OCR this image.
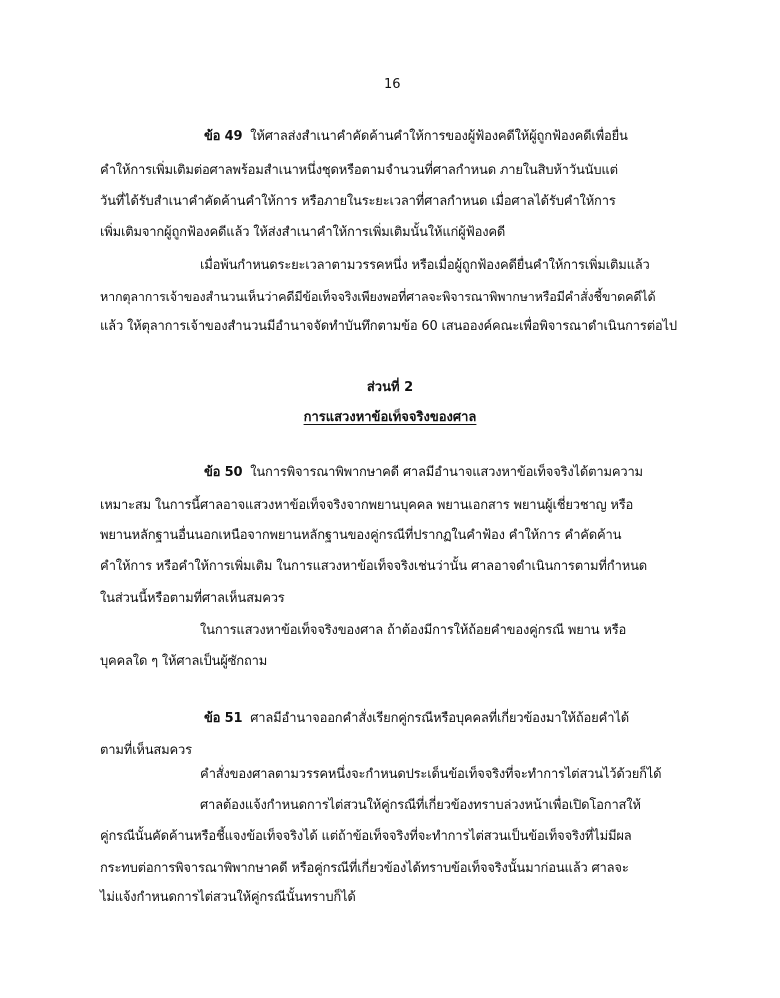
16
ข้อ 49 ให้ศาลส่งสำเนาคำคัดค้านคำให้การของผู้ฟ้องคดีให้ผู้ถูกฟ้องคดีเพื่อยื่น
คำให้การเพิ่มเติมต่อศาลพร้อมสำเนาหนึ่งชุดหรือตามจำนวนที่ศาลกำหนด ภายในสิบห้าวันนับแต่
วันที่ได้รับสำเนาคำคัดค้านคำให้การ หรือภายในระยะเวลาที่ศาลกำหนด เมื่อศาลได้รับคำให้การ
เพิ่มเติมจากผู้ถูกฟ้องคดีแล้ว ให้ส่งสำเนาคำให้การเพิ่มเติมนั้นให้แก่ผู้ฟ้องคดี
เมื่อพ้นกำหนดระยะเวลาตามวรรคหนึ่ง หรือเมื่อผู้ถูกฟ้องคดียื่นคำให้การเพิ่มเติมแล้ว
หากตุลาการเจ้าของสำนวนเห็นว่าคดีมีข้อเท็จจริงเพียงพอที่ศาลจะพิจารณาพิพากษาหรือมีคำสั่งชี้ขาดคดีได้
แล้ว ให้ตุลาการเจ้าของสำนวนมีอำนาจจัดทำบันทึกตามข้อ 60 เสนอองค์คณะเพื่อพิจารณาดำเนินการต่อไป
ส่วนที่ 2
การแสวงหาข้อเท็จจริงของศาล
ข้อ 50 ในการพิจารณาพิพากษาคดี ศาลมีอำนาจแสวงหาข้อเท็จจริงได้ตามความ
เหมาะสม ในการนี้ศาลอาจแสวงหาข้อเท็จจริงจากพยานบุคคล พยานเอกสาร พยานผู้เชี่ยวชาญ หรือ
พยานหลักฐานอื่นนอกเหนือจากพยานหลักฐานของคู่กรณีที่ปรากฏในคำฟ้อง คำให้การ คำคัดค้าน
คำให้การ หรือคำให้การเพิ่มเติม ในการแสวงหาข้อเท็จจริงเช่นว่านั้น ศาลอาจดำเนินการตามที่กำหนด
ในส่วนนี้หรือตามที่ศาลเห็นสมควร
ในการแสวงหาข้อเท็จจริงของศาล ถ้าต้องมีการให้ถ้อยคำของคู่กรณี พยาน หรือ
บุคคลใด ๆ ให้ศาลเป็นผู้ซักถาม
ข้อ 51 ศาลมีอำนาจออกคำสั่งเรียกคู่กรณีหรือบุคคลที่เกี่ยวข้องมาให้ถ้อยคำได้
ตามที่เห็นสมควร
คำสั่งของศาลตามวรรคหนึ่งจะกำหนดประเด็นข้อเท็จจริงที่จะทำการไต่สวนไว้ด้วยก็ได้
ศาลต้องแจ้งกำหนดการไต่สวนให้คู่กรณีที่เกี่ยวข้องทราบล่วงหน้าเพื่อเปิดโอกาสให้
คู่กรณีนั้นคัดค้านหรือชี้แจงข้อเท็จจริงได้ แต่ถ้าข้อเท็จจริงที่จะทำการไต่สวนเป็นข้อเท็จจริงที่ไม่มีผล
กระทบต่อการพิจารณาพิพากษาคดี หรือคู่กรณีที่เกี่ยวข้องได้ทราบข้อเท็จจริงนั้นมาก่อนแล้ว ศาลจะ
ไม่แจ้งกำหนดการไต่สวนให้คู่กรณีนั้นทราบก็ได้
